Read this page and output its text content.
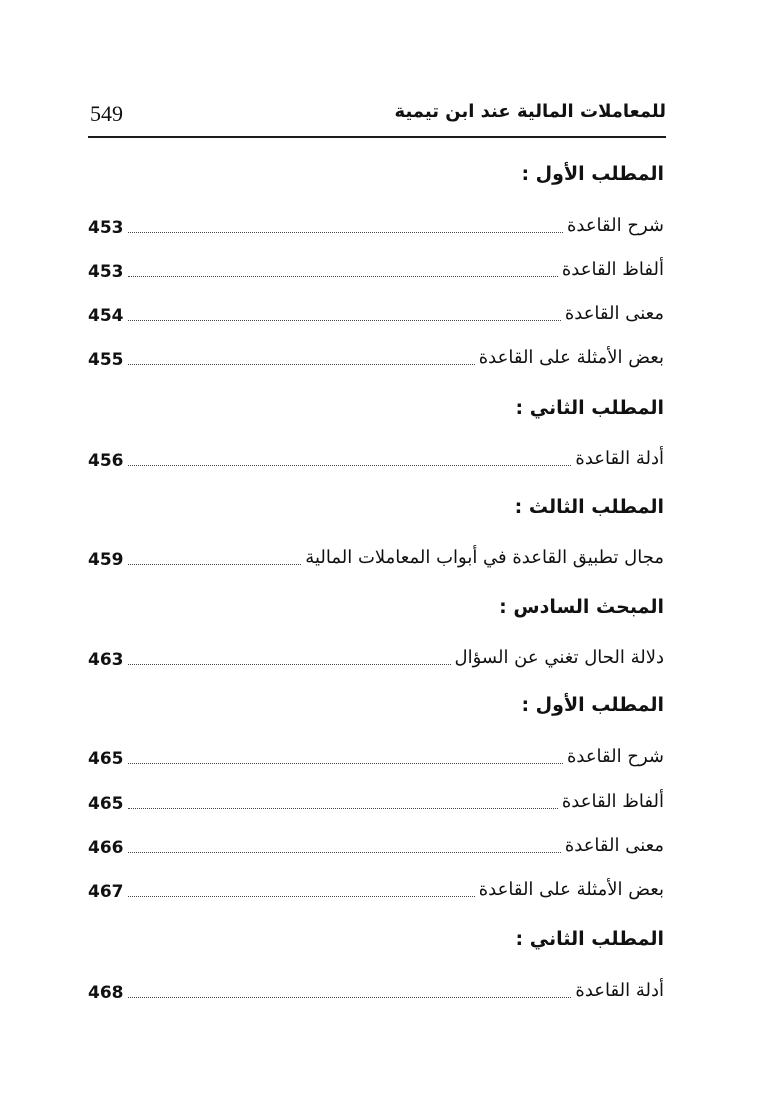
549	للمعاملات المالية عند ابن تيمية
المطلب الأول :
شرح القاعدة
453
ألفاظ القاعدة
453
معنى القاعدة
454
بعض الأمثلة على القاعدة
455
المطلب الثاني :
أدلة القاعدة
456
المطلب الثالث :
مجال تطبيق القاعدة في أبواب المعاملات المالية
459
المبحث السادس :
دلالة الحال تغني عن السؤال
463
المطلب الأول :
شرح القاعدة
465
ألفاظ القاعدة
465
معنى القاعدة
466
بعض الأمثلة على القاعدة
467
المطلب الثاني :
أدلة القاعدة
468
